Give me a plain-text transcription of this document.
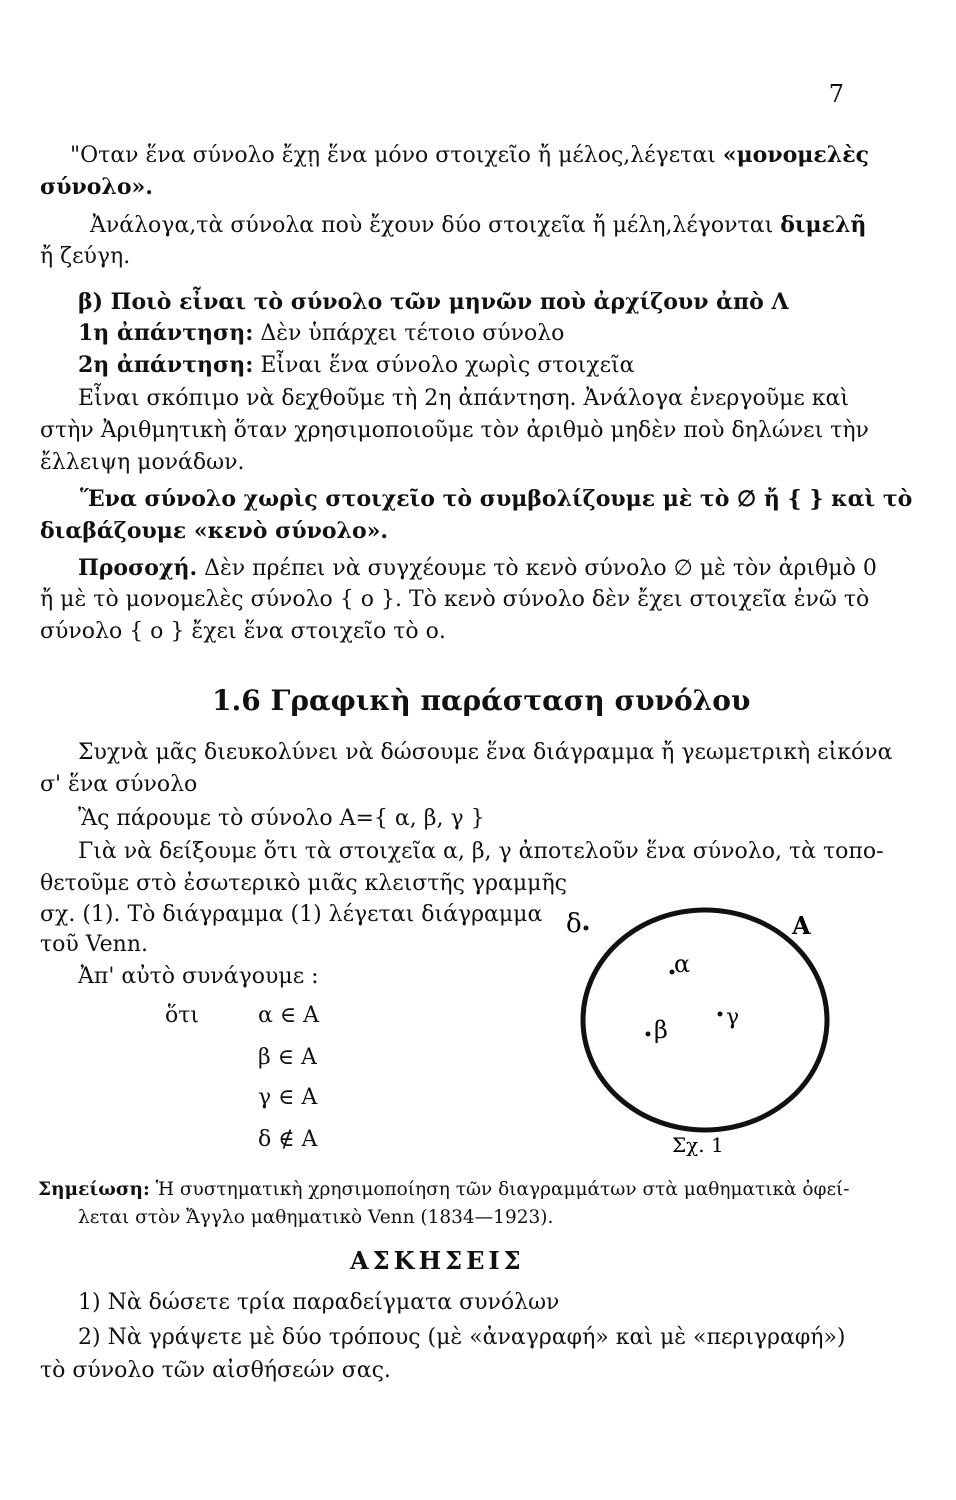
7
"Οταν ἕνα σύνολο ἔχῃ ἕνα μόνο στοιχεῖο ἤ μέλος,λέγεται «μονομελὲς
σύνολο».
Ἀνάλογα,τὰ σύνολα ποὺ ἔχουν δύο στοιχεῖα ἤ μέλη,λέγονται διμελῆ
ἤ ζεύγη.
β) Ποιὸ εἶναι τὸ σύνολο τῶν μηνῶν ποὺ ἀρχίζουν ἀπὸ Λ
1η ἀπάντηση: Δὲν ὑπάρχει τέτοιο σύνολο
2η ἀπάντηση: Εἶναι ἕνα σύνολο χωρὶς στοιχεῖα
Εἶναι σκόπιμο νὰ δεχθοῦμε τὴ 2η ἀπάντηση. Ἀνάλογα ἐνεργοῦμε καὶ
στὴν Ἀριθμητικὴ ὅταν χρησιμοποιοῦμε τὸν ἀριθμὸ μηδὲν ποὺ δηλώνει τὴν
ἔλλειψη μονάδων.
Ἕνα σύνολο χωρὶς στοιχεῖο τὸ συμβολίζουμε μὲ τὸ ∅ ἤ { } καὶ τὸ
διαβάζουμε «κενὸ σύνολο».
Προσοχή. Δὲν πρέπει νὰ συγχέουμε τὸ κενὸ σύνολο ∅ μὲ τὸν ἀριθμὸ 0
ἤ μὲ τὸ μονομελὲς σύνολο { ο }. Τὸ κενὸ σύνολο δὲν ἔχει στοιχεῖα ἐνῶ τὸ
σύνολο { ο } ἔχει ἕνα στοιχεῖο τὸ ο.
1.6 Γραφικὴ παράσταση συνόλου
Συχνὰ μᾶς διευκολύνει νὰ δώσουμε ἕνα διάγραμμα ἤ γεωμετρικὴ εἰκόνα
σ' ἕνα σύνολο
Ἂς πάρουμε τὸ σύνολο Α={ α, β, γ }
Γιὰ νὰ δείξουμε ὅτι τὰ στοιχεῖα α, β, γ ἀποτελοῦν ἕνα σύνολο, τὰ τοπο-
θετοῦμε στὸ ἐσωτερικὸ μιᾶς κλειστῆς γραμμῆς
σχ. (1). Τὸ διάγραμμα (1) λέγεται διάγραμμα
τοῦ Venn.
Ἀπ' αὐτὸ συνάγουμε :
ὅτι	α ∈ Α
β ∈ Α
γ ∈ Α
δ ∉ Α
δ	Α
α
β	γ
Σχ. 1
Σημείωση: Ἡ συστηματικὴ χρησιμοποίηση τῶν διαγραμμάτων στὰ μαθηματικὰ ὀφεί-
λεται στὸν Ἄγγλο μαθηματικὸ Venn (1834—1923).
ΑΣΚΗΣΕΙΣ
1) Νὰ δώσετε τρία παραδείγματα συνόλων
2) Νὰ γράψετε μὲ δύο τρόπους (μὲ «ἀναγραφή» καὶ μὲ «περιγραφή»)
τὸ σύνολο τῶν αἰσθήσεών σας.
